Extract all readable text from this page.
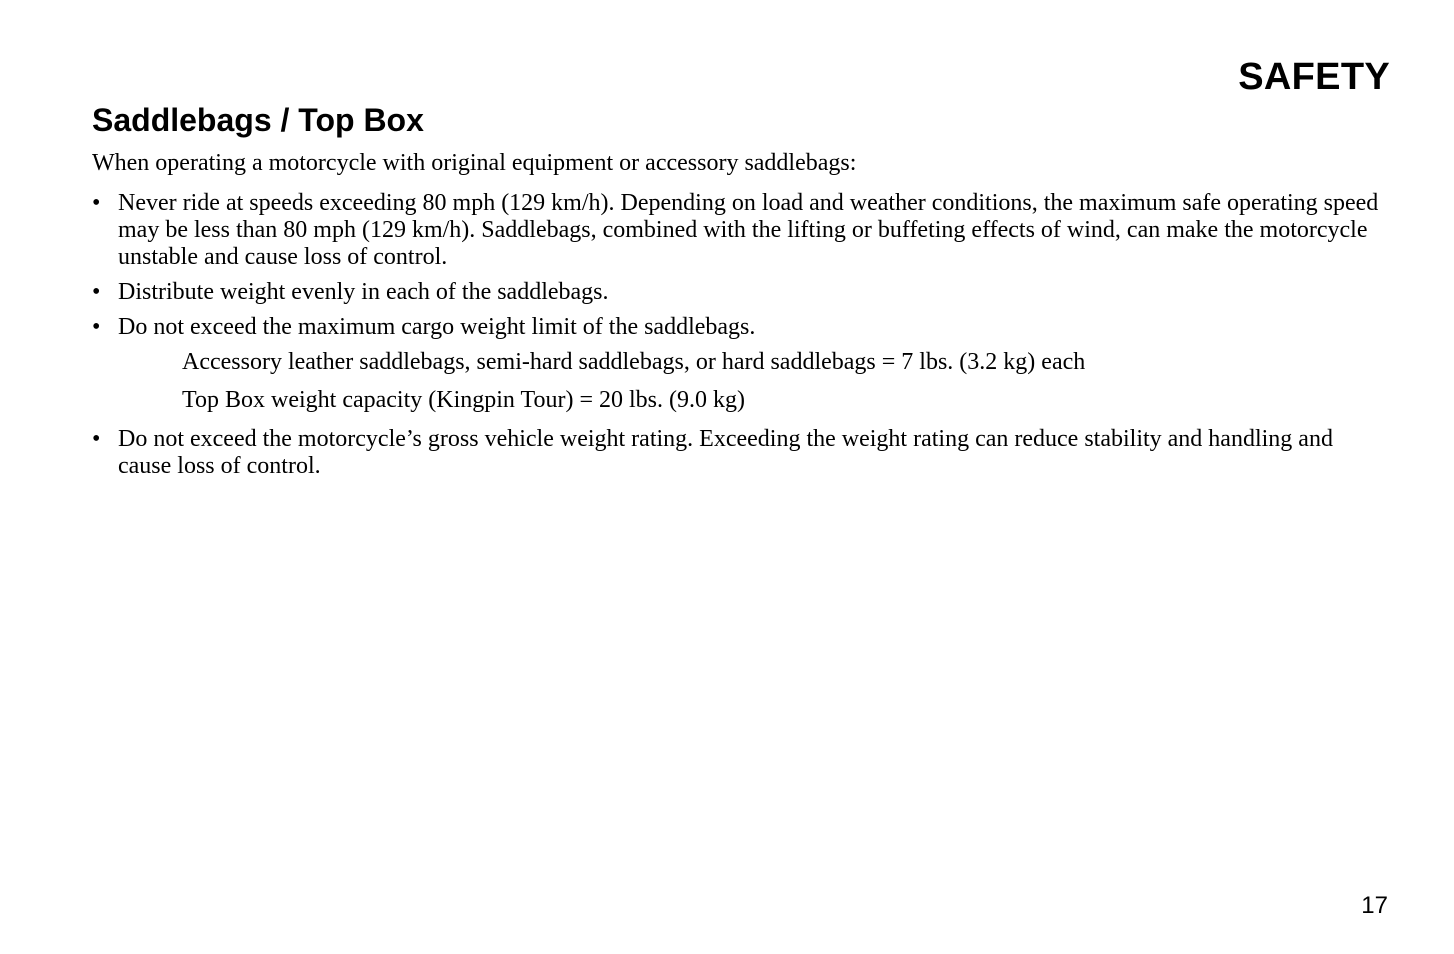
SAFETY
Saddlebags / Top Box

When operating a motorcycle with original equipment or accessory saddlebags:

• Never ride at speeds exceeding 80 mph (129 km/h). Depending on load and weather conditions, the maximum safe operating speed may be less than 80 mph (129 km/h). Saddlebags, combined with the lifting or buffeting effects of wind, can make the motorcycle unstable and cause loss of control.
• Distribute weight evenly in each of the saddlebags.
• Do not exceed the maximum cargo weight limit of the saddlebags.
Accessory leather saddlebags, semi-hard saddlebags, or hard saddlebags = 7 lbs. (3.2 kg) each
Top Box weight capacity (Kingpin Tour) = 20 lbs. (9.0 kg)
• Do not exceed the motorcycle’s gross vehicle weight rating. Exceeding the weight rating can reduce stability and handling and cause loss of control.

17
